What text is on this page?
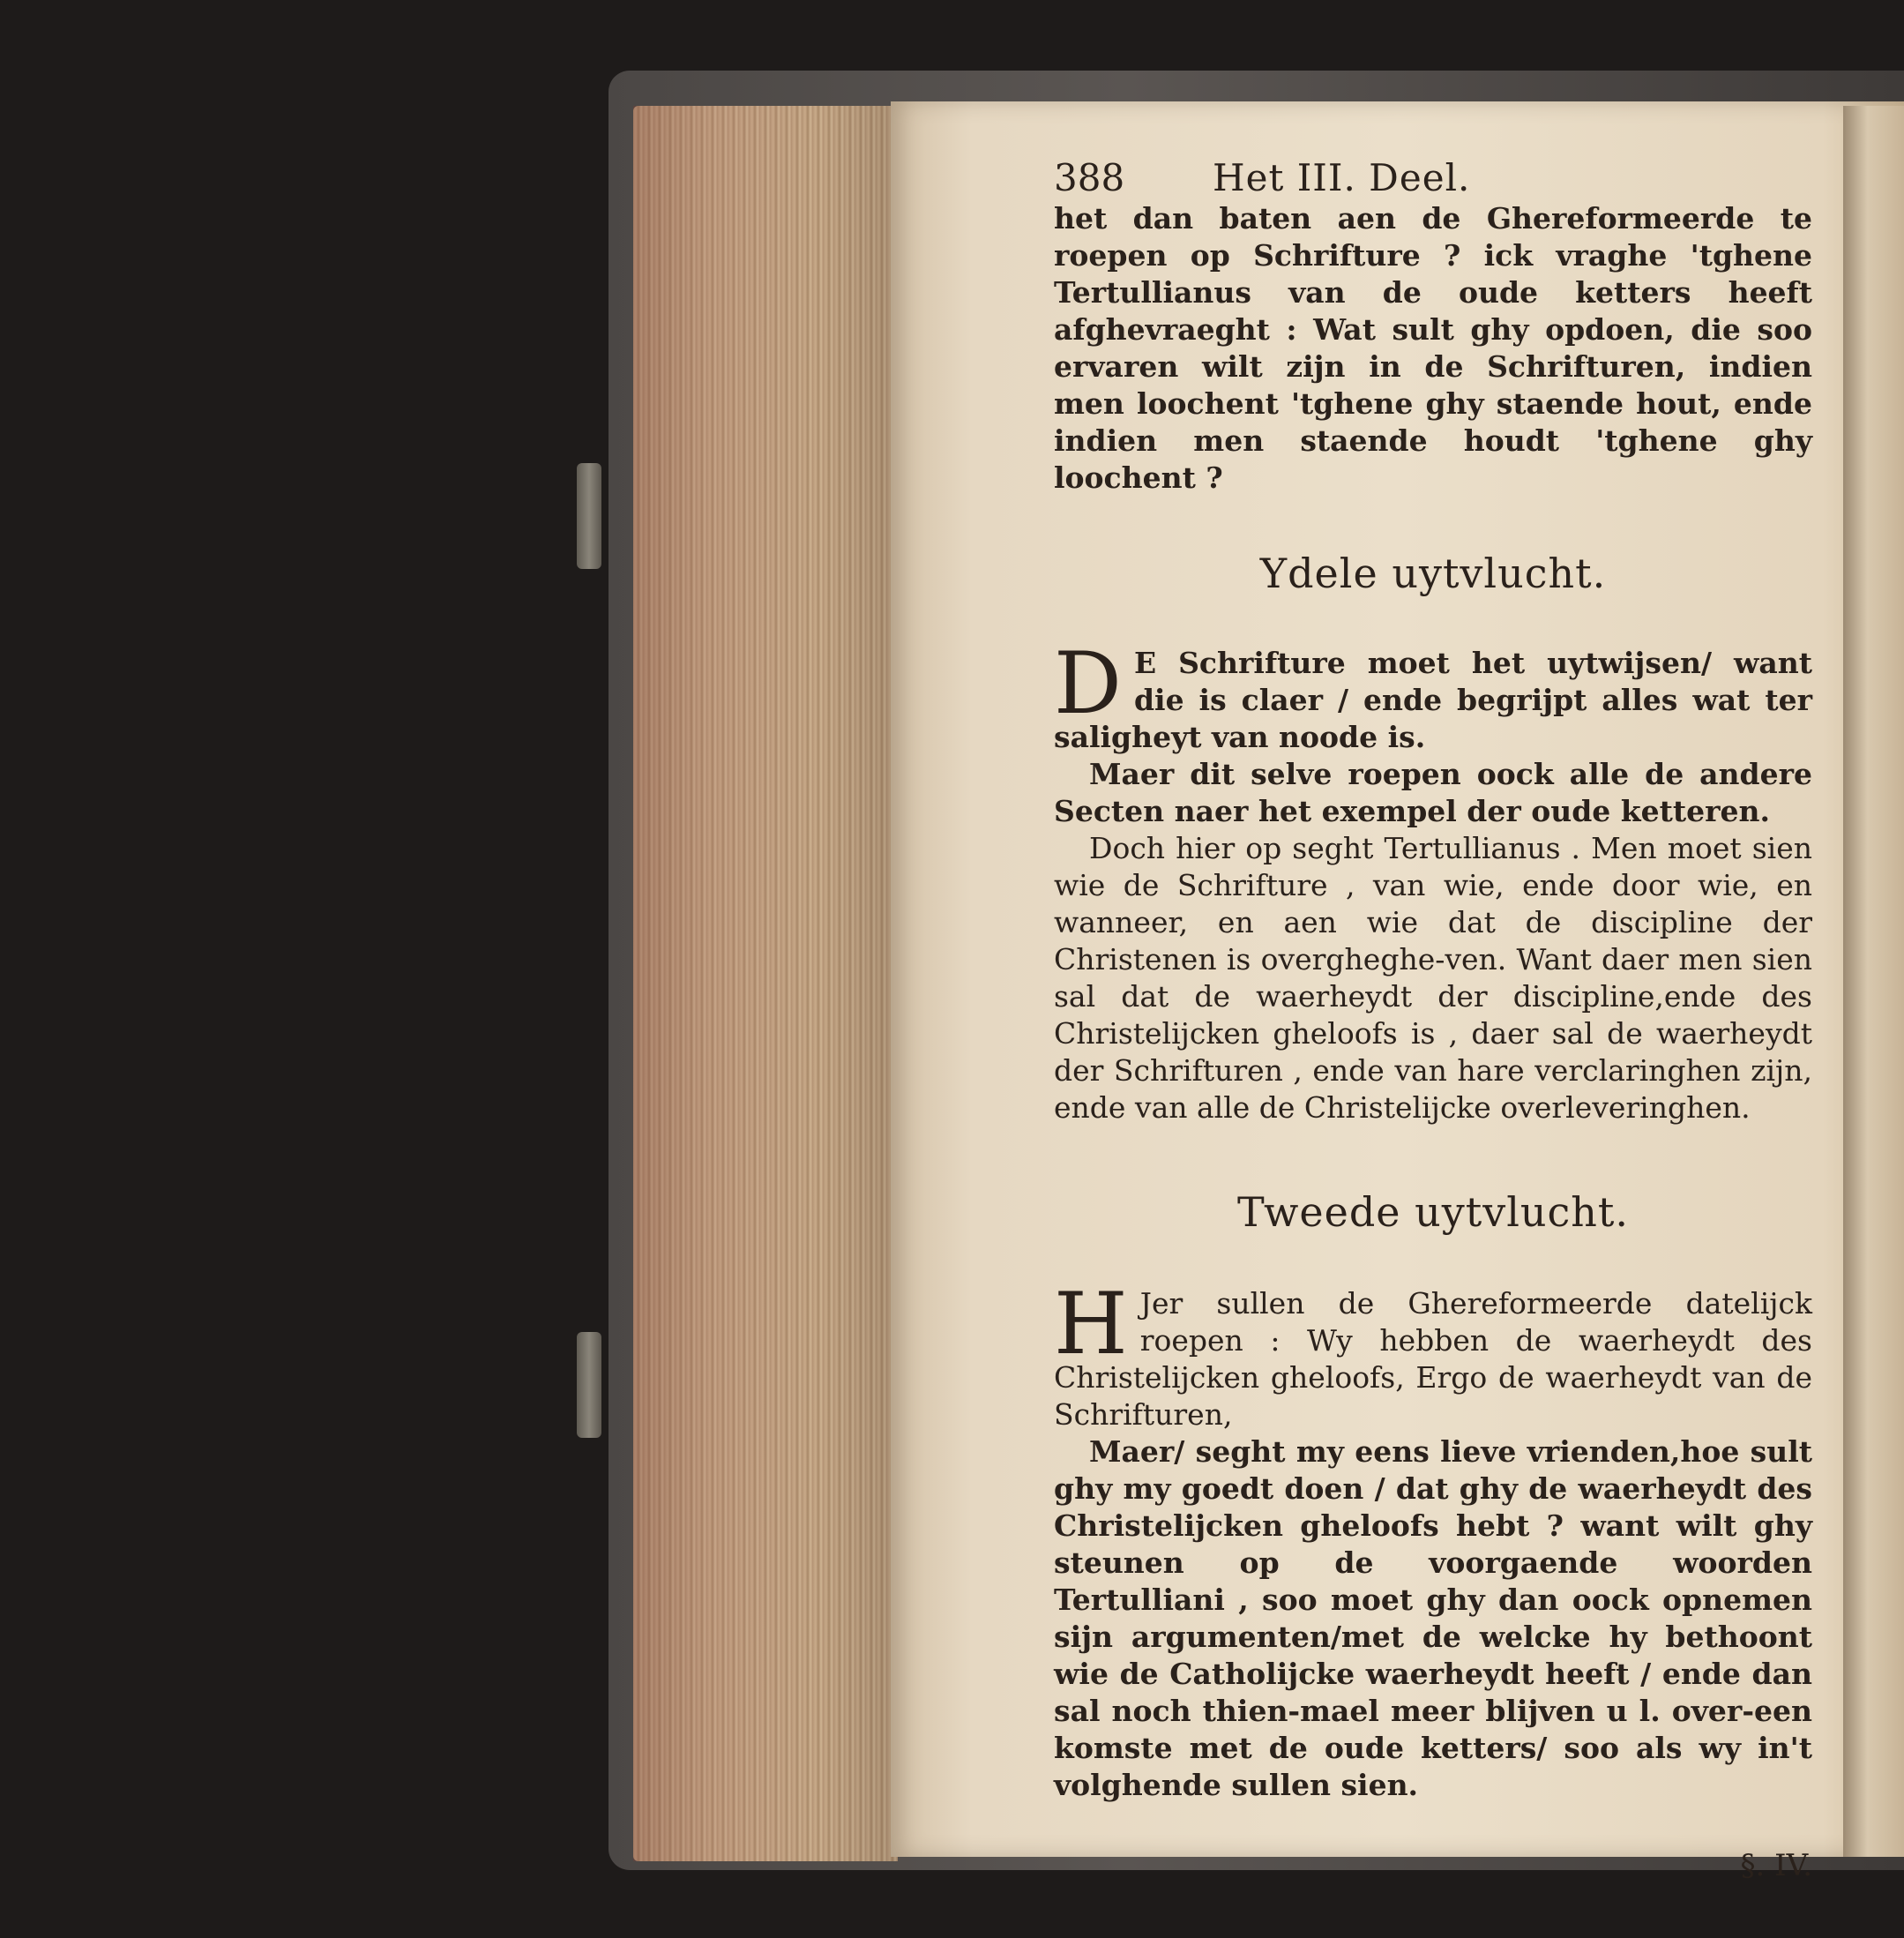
388	Het III. Deel.

het dan baten aen de Ghereformeerde te roepen op Schrifture ? ick vraghe 'tghene Tertullianus van de oude ketters heeft afghevraeght : Wat sult ghy opdoen, die soo ervaren wilt zijn in de Schrifturen, indien men loochent 'tghene ghy staende hout, ende indien men staende houdt 'tghene ghy loochent ?

Ydele uytvlucht.

D E Schrifture moet het uytwijsen/ want die is claer / ende begrijpt alles wat ter saligheyt van noode is.

Maer dit selve roepen oock alle de andere Secten naer het exempel der oude ketteren.

Doch hier op seght Tertullianus . Men moet sien wie de Schrifture , van wie, ende door wie, en wanneer, en aen wie dat de discipline der Christenen is overgheghe-ven. Want daer men sien sal dat de waerheydt der discipline,ende des Christelijcken gheloofs is , daer sal de waerheydt der Schrifturen , ende van hare verclaringhen zijn, ende van alle de Christelijcke overleveringhen.

Tweede uytvlucht.

H Jer sullen de Ghereformeerde datelijck roepen : Wy hebben de waerheydt des Christelijcken gheloofs, Ergo de waerheydt van de Schrifturen,

Maer/ seght my eens lieve vrienden,hoe sult ghy my goedt doen / dat ghy de waerheydt des Christelijcken gheloofs hebt ? want wilt ghy steunen op de voorgaende woorden Tertulliani , soo moet ghy dan oock opnemen sijn argumenten/met de welcke hy bethoont wie de Catholijcke waerheydt heeft / ende dan sal noch thien-mael meer blijven u l. over-een komste met de oude ketters/ soo als wy in't volghende sullen sien.

§. IV.
